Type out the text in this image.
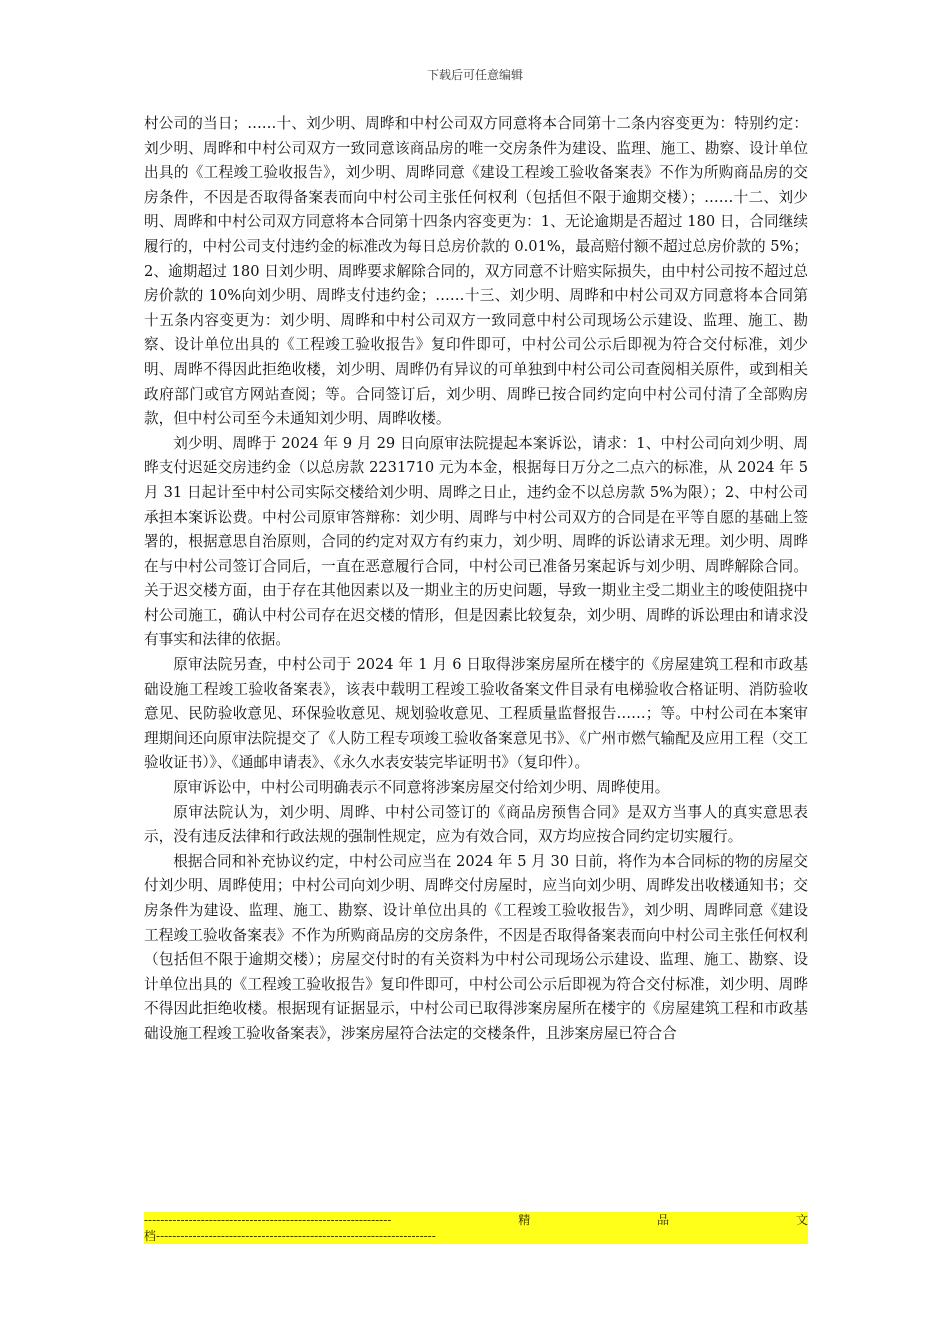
下载后可任意编辑

村公司的当日；……十、刘少明、周晔和中村公司双方同意将本合同第十二条内容变更为：特别约定：刘少明、周晔和中村公司双方一致同意该商品房的唯一交房条件为建设、监理、施工、勘察、设计单位出具的《工程竣工验收报告》，刘少明、周晔同意《建设工程竣工验收备案表》不作为所购商品房的交房条件，不因是否取得备案表而向中村公司主张任何权利（包括但不限于逾期交楼）；……十二、刘少明、周晔和中村公司双方同意将本合同第十四条内容变更为：1、无论逾期是否超过 180 日，合同继续履行的，中村公司支付违约金的标准改为每日总房价款的 0.01%，最高赔付额不超过总房价款的 5%；2、逾期超过 180 日刘少明、周晔要求解除合同的，双方同意不计赔实际损失，由中村公司按不超过总房价款的 10%向刘少明、周晔支付违约金；……十三、刘少明、周晔和中村公司双方同意将本合同第十五条内容变更为：刘少明、周晔和中村公司双方一致同意中村公司现场公示建设、监理、施工、勘察、设计单位出具的《工程竣工验收报告》复印件即可，中村公司公示后即视为符合交付标准，刘少明、周晔不得因此拒绝收楼，刘少明、周晔仍有异议的可单独到中村公司公司查阅相关原件，或到相关政府部门或官方网站查阅；等。合同签订后，刘少明、周晔已按合同约定向中村公司付清了全部购房款，但中村公司至今未通知刘少明、周晔收楼。

刘少明、周晔于 2024 年 9 月 29 日向原审法院提起本案诉讼，请求：1、中村公司向刘少明、周晔支付迟延交房违约金（以总房款 2231710 元为本金，根据每日万分之二点六的标准，从 2024 年 5 月 31 日起计至中村公司实际交楼给刘少明、周晔之日止，违约金不以总房款 5%为限）；2、中村公司承担本案诉讼费。中村公司原审答辩称：刘少明、周晔与中村公司双方的合同是在平等自愿的基础上签署的，根据意思自治原则，合同的约定对双方有约束力，刘少明、周晔的诉讼请求无理。刘少明、周晔在与中村公司签订合同后，一直在恶意履行合同，中村公司已准备另案起诉与刘少明、周晔解除合同。关于迟交楼方面，由于存在其他因素以及一期业主的历史问题，导致一期业主受二期业主的唆使阻挠中村公司施工，确认中村公司存在迟交楼的情形，但是因素比较复杂，刘少明、周晔的诉讼理由和请求没有事实和法律的依据。

原审法院另查，中村公司于 2024 年 1 月 6 日取得涉案房屋所在楼宇的《房屋建筑工程和市政基础设施工程竣工验收备案表》，该表中载明工程竣工验收备案文件目录有电梯验收合格证明、消防验收意见、民防验收意见、环保验收意见、规划验收意见、工程质量监督报告……；等。中村公司在本案审理期间还向原审法院提交了《人防工程专项竣工验收备案意见书》、《广州市燃气输配及应用工程（交工验收证书）》、《通邮申请表》、《永久水表安装完毕证明书》（复印件）。

原审诉讼中，中村公司明确表示不同意将涉案房屋交付给刘少明、周晔使用。

原审法院认为，刘少明、周晔、中村公司签订的《商品房预售合同》是双方当事人的真实意思表示，没有违反法律和行政法规的强制性规定，应为有效合同，双方均应按合同约定切实履行。

根据合同和补充协议约定，中村公司应当在 2024 年 5 月 30 日前，将作为本合同标的物的房屋交付刘少明、周晔使用；中村公司向刘少明、周晔交付房屋时，应当向刘少明、周晔发出收楼通知书；交房条件为建设、监理、施工、勘察、设计单位出具的《工程竣工验收报告》，刘少明、周晔同意《建设工程竣工验收备案表》不作为所购商品房的交房条件，不因是否取得备案表而向中村公司主张任何权利（包括但不限于逾期交楼）；房屋交付时的有关资料为中村公司现场公示建设、监理、施工、勘察、设计单位出具的《工程竣工验收报告》复印件即可，中村公司公示后即视为符合交付标准，刘少明、周晔不得因此拒绝收楼。根据现有证据显示，中村公司已取得涉案房屋所在楼宇的《房屋建筑工程和市政基础设施工程竣工验收备案表》，涉案房屋符合法定的交楼条件，且涉案房屋已符合合

-------------------------------------------------------------	精	品	文
档---------------------------------------------------------------------
